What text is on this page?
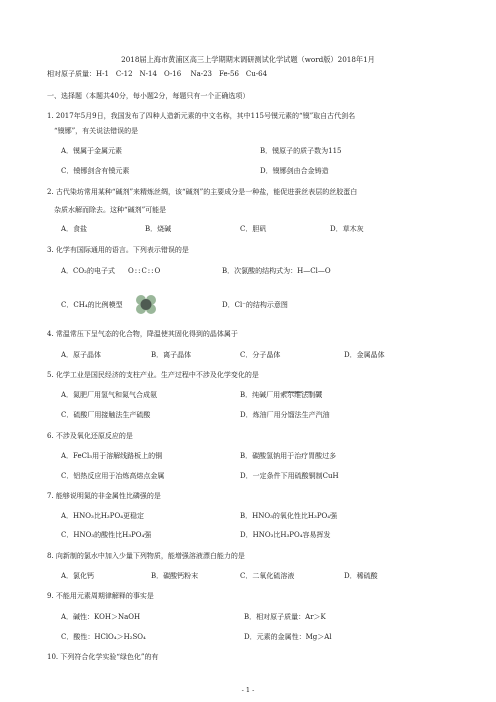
2018届上海市黄浦区高三上学期期末调研测试化学试题（word版）2018年1月
相对原子质量：H-1　C-12　N-14　O-16　 Na-23　Fe-56　Cu-64
一、选择题（本题共40分，每小题2分，每题只有一个正确选项）
1. 2017年5月9日，我国发布了四种人造新元素的中文名称，其中115号镆元素的“镆”取自古代剑名
　“镆铘”，有关说法错误的是
A．镆属于金属元素	B．镆原子的质子数为115
C．镆铘剑含有镆元素	D．镆铘剑由合金铸造
2. 古代染坊常用某种“碱剂”来精炼丝绸，该“碱剂”的主要成分是一种盐，能促进蚕丝表层的丝胶蛋白
　杂质水解而除去。这种“碱剂”可能是
A．食盐	B．烧碱	C．胆矾	D．草木灰
3. 化学有国际通用的语言。下列表示错误的是
A．CO₂的电子式 O::C::O	B．次氯酸的结构式为：H—Cl—O
C．CH₄的比例模型	D．Cl⁻的结构示意图
4. 常温常压下呈气态的化合物，降温使其固化得到的晶体属于
A．原子晶体	B．离子晶体	C．分子晶体	D．金属晶体
5. 化学工业是国民经济的支柱产业。生产过程中不涉及化学变化的是
A．氮肥厂用氢气和氮气合成氨	B．纯碱厂用索尔维法制碱
C．硫酸厂用接触法生产硫酸	D．炼油厂用分馏法生产汽油
6. 不涉及氧化还原反应的是
A．FeCl₃用于溶解线路板上的铜	B．碳酸氢钠用于治疗胃酸过多
C．铝热反应用于冶炼高熔点金属	D．一定条件下用硫酸铜制CuH
7. 能够说明氮的非金属性比磷强的是
A．HNO₃比H₃PO₄更稳定	B．HNO₃的氧化性比H₃PO₄强
C．HNO₃的酸性比H₃PO₄强	D．HNO₃比H₃PO₄容易挥发
8. 向新制的氯水中加入少量下列物质，能增强溶液漂白能力的是
A．氯化钙	B．碳酸钙粉末	C．二氧化硫溶液	D．稀硫酸
9. 不能用元素周期律解释的事实是
A．碱性：KOH＞NaOH	B．相对原子质量：Ar＞K
C．酸性：HClO₄＞H₂SO₄	D．元素的金属性：Mg＞Al
10. 下列符合化学实验“绿色化”的有
- 1 -
